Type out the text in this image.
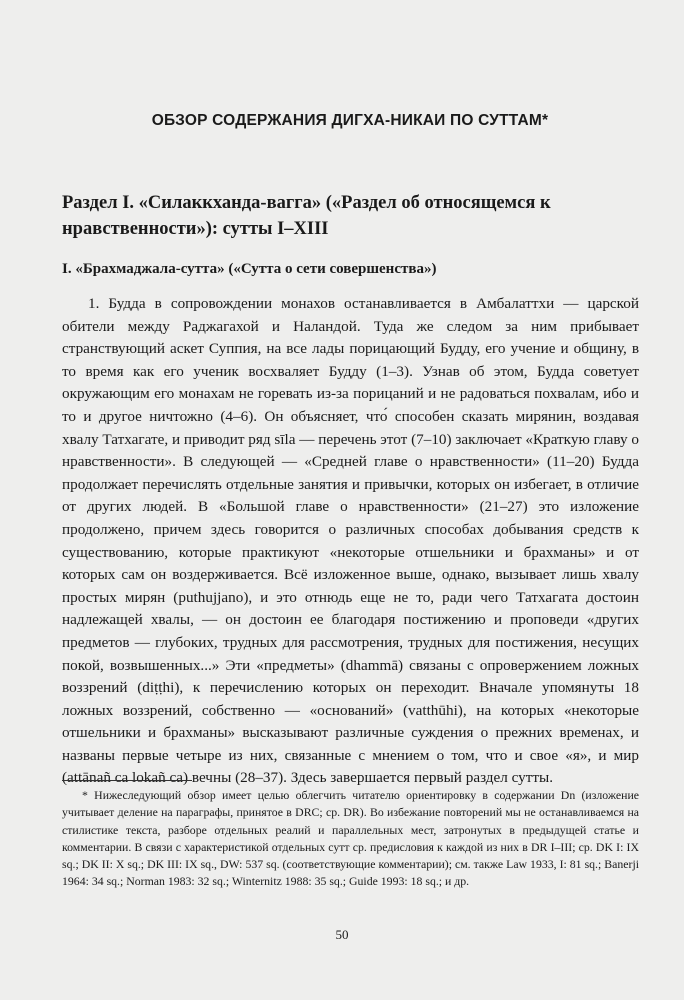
ОБЗОР СОДЕРЖАНИЯ ДИГХА-НИКАИ ПО СУТТАМ*
Раздел I. «Силаккханда-вагга» («Раздел об относящемся к нравственности»): сутты I–XIII
I. «Брахмаджала-сутта» («Сутта о сети совершенства»)

1. Будда в сопровождении монахов останавливается в Амбалаттхи — царской обители между Раджагахой и Наландой. Туда же следом за ним прибывает странствующий аскет Суппия, на все лады порицающий Будду, его учение и общину, в то время как его ученик восхваляет Будду (1–3). Узнав об этом, Будда советует окружающим его монахам не горевать из-за порицаний и не радоваться похвалам, ибо и то и другое ничтожно (4–6). Он объясняет, что́ способен сказать мирянин, воздавая хвалу Татхагате, и приводит ряд sīla — перечень этот (7–10) заключает «Краткую главу о нравственности». В следующей — «Средней главе о нравственности» (11–20) Будда продолжает перечислять отдельные занятия и привычки, которых он избегает, в отличие от других людей. В «Большой главе о нравственности» (21–27) это изложение продолжено, причем здесь говорится о различных способах добывания средств к существованию, которые практикуют «некоторые отшельники и брахманы» и от которых сам он воздерживается. Всё изложенное выше, однако, вызывает лишь хвалу простых мирян (puthujjano), и это отнюдь еще не то, ради чего Татхагата достоин надлежащей хвалы, — он достоин ее благодаря постижению и проповеди «других предметов — глубоких, трудных для рассмотрения, трудных для постижения, несущих покой, возвышенных...» Эти «предметы» (dhammā) связаны с опровержением ложных воззрений (diṭṭhi), к перечислению которых он переходит. Вначале упомянуты 18 ложных воззрений, собственно — «оснований» (vatthūhi), на которых «некоторые отшельники и брахманы» высказывают различные суждения о прежних временах, и названы первые четыре из них, связанные с мнением о том, что и свое «я», и мир (attānañ ca lokañ ca) вечны (28–37). Здесь завершается первый раздел сутты.

* Нижеследующий обзор имеет целью облегчить читателю ориентировку в содержании Dn (изложение учитывает деление на параграфы, принятое в DRC; ср. DR). Во избежание повторений мы не останавливаемся на стилистике текста, разборе отдельных реалий и параллельных мест, затронутых в предыдущей статье и комментарии. В связи с характеристикой отдельных сутт ср. предисловия к каждой из них в DR I–III; ср. DK I: IX sq.; DK II: X sq.; DK III: IX sq., DW: 537 sq. (соответствующие комментарии); см. также Law 1933, I: 81 sq.; Banerji 1964: 34 sq.; Norman 1983: 32 sq.; Winternitz 1988: 35 sq.; Guide 1993: 18 sq.; и др.

50
